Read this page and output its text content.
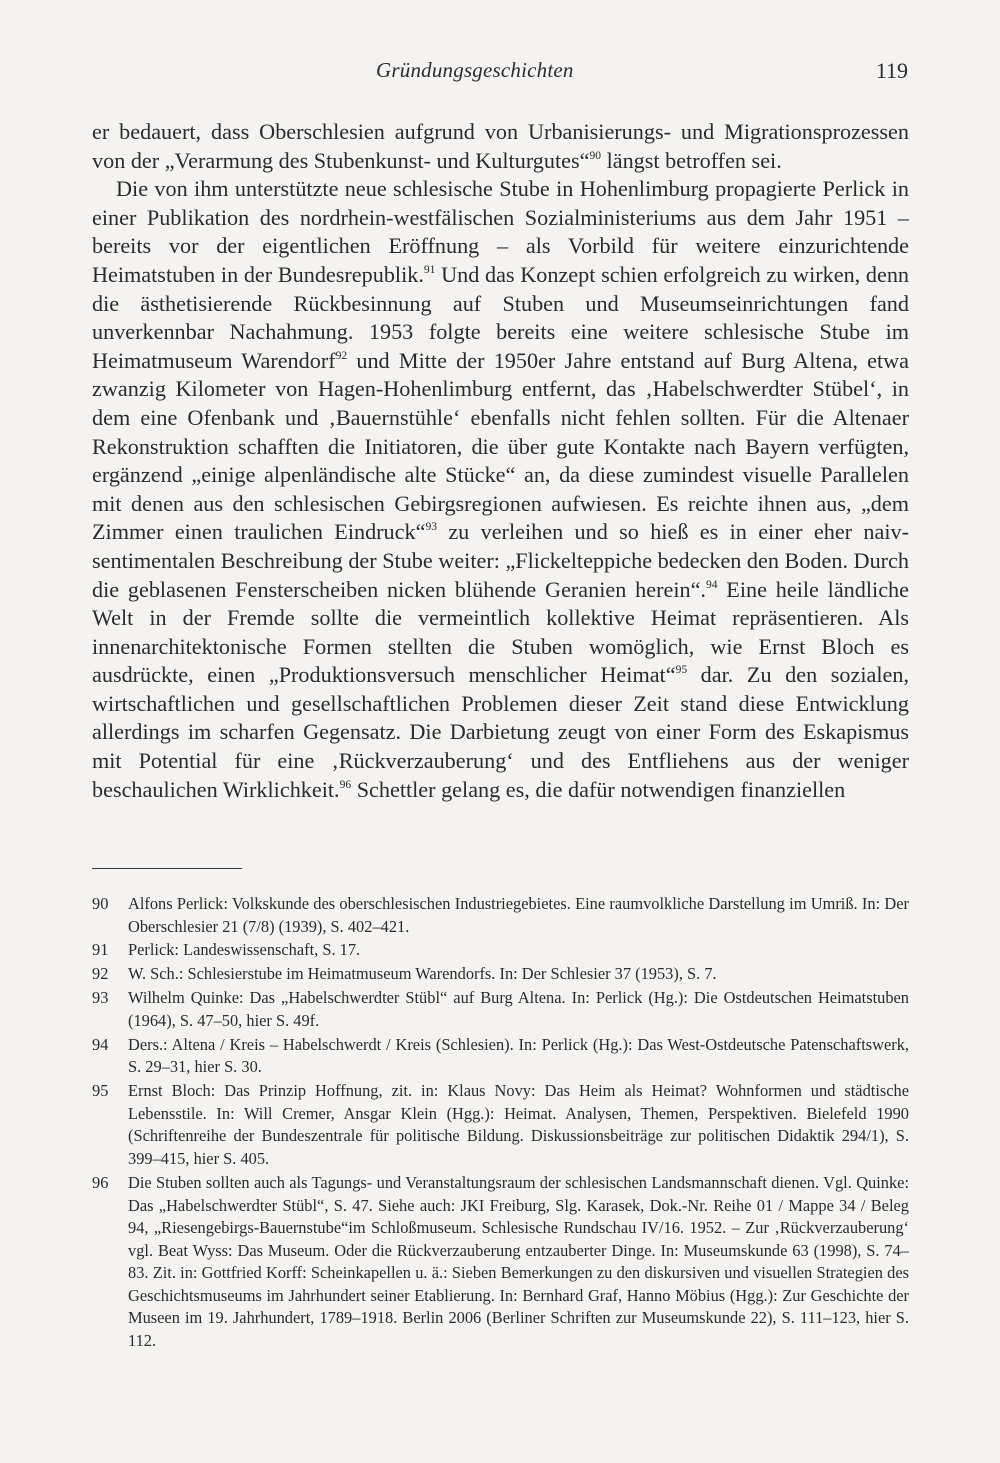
Gründungsgeschichten	119

er bedauert, dass Oberschlesien aufgrund von Urbanisierungs- und Migrationsprozessen von der „Verarmung des Stubenkunst- und Kulturgutes“$^{90}$ längst betroffen sei.

Die von ihm unterstützte neue schlesische Stube in Hohenlimburg propagierte Perlick in einer Publikation des nordrhein-westfälischen Sozialministeriums aus dem Jahr 1951 – bereits vor der eigentlichen Eröffnung – als Vorbild für weitere einzurichtende Heimatstuben in der Bundesrepublik.$^{91}$ Und das Konzept schien erfolgreich zu wirken, denn die ästhetisierende Rückbesinnung auf Stuben und Museumseinrichtungen fand unverkennbar Nachahmung. 1953 folgte bereits eine weitere schlesische Stube im Heimatmuseum Warendorf$^{92}$ und Mitte der 1950er Jahre entstand auf Burg Altena, etwa zwanzig Kilometer von Hagen-Hohenlimburg entfernt, das ‚Habelschwerdter Stübel‘, in dem eine Ofenbank und ‚Bauernstühle‘ ebenfalls nicht fehlen sollten. Für die Altenaer Rekonstruktion schafften die Initiatoren, die über gute Kontakte nach Bayern verfügten, ergänzend „einige alpenländische alte Stücke“ an, da diese zumindest visuelle Parallelen mit denen aus den schlesischen Gebirgsregionen aufwiesen. Es reichte ihnen aus, „dem Zimmer einen traulichen Eindruck“$^{93}$ zu verleihen und so hieß es in einer eher naiv-sentimentalen Beschreibung der Stube weiter: „Flickelteppiche bedecken den Boden. Durch die geblasenen Fensterscheiben nicken blühende Geranien herein“.$^{94}$ Eine heile ländliche Welt in der Fremde sollte die vermeintlich kollektive Heimat repräsentieren. Als innenarchitektonische Formen stellten die Stuben womöglich, wie Ernst Bloch es ausdrückte, einen „Produktionsversuch menschlicher Heimat“$^{95}$ dar. Zu den sozialen, wirtschaftlichen und gesellschaftlichen Problemen dieser Zeit stand diese Entwicklung allerdings im scharfen Gegensatz. Die Darbietung zeugt von einer Form des Eskapismus mit Potential für eine ‚Rückverzauberung‘ und des Entfliehens aus der weniger beschaulichen Wirklichkeit.$^{96}$ Schettler gelang es, die dafür notwendigen finanziellen

90 Alfons Perlick: Volkskunde des oberschlesischen Industriegebietes. Eine raumvolkliche Darstellung im Umriß. In: Der Oberschlesier 21 (7/8) (1939), S. 402–421.
91 Perlick: Landeswissenschaft, S. 17.
92 W. Sch.: Schlesierstube im Heimatmuseum Warendorfs. In: Der Schlesier 37 (1953), S. 7.
93 Wilhelm Quinke: Das „Habelschwerdter Stübl“ auf Burg Altena. In: Perlick (Hg.): Die Ostdeutschen Heimatstuben (1964), S. 47–50, hier S. 49f.
94 Ders.: Altena / Kreis – Habelschwerdt / Kreis (Schlesien). In: Perlick (Hg.): Das West-Ostdeutsche Patenschaftswerk, S. 29–31, hier S. 30.
95 Ernst Bloch: Das Prinzip Hoffnung, zit. in: Klaus Novy: Das Heim als Heimat? Wohnformen und städtische Lebensstile. In: Will Cremer, Ansgar Klein (Hgg.): Heimat. Analysen, Themen, Perspektiven. Bielefeld 1990 (Schriftenreihe der Bundeszentrale für politische Bildung. Diskussionsbeiträge zur politischen Didaktik 294/1), S. 399–415, hier S. 405.
96 Die Stuben sollten auch als Tagungs- und Veranstaltungsraum der schlesischen Landsmannschaft dienen. Vgl. Quinke: Das „Habelschwerdter Stübl“, S. 47. Siehe auch: JKI Freiburg, Slg. Karasek, Dok.-Nr. Reihe 01 / Mappe 34 / Beleg 94, „Riesengebirgs-Bauernstube“im Schloßmuseum. Schlesische Rundschau IV/16. 1952. – Zur ‚Rückverzauberung‘ vgl. Beat Wyss: Das Museum. Oder die Rückverzauberung entzauberter Dinge. In: Museumskunde 63 (1998), S. 74–83. Zit. in: Gottfried Korff: Scheinkapellen u. ä.: Sieben Bemerkungen zu den diskursiven und visuellen Strategien des Geschichtsmuseums im Jahrhundert seiner Etablierung. In: Bernhard Graf, Hanno Möbius (Hgg.): Zur Geschichte der Museen im 19. Jahrhundert, 1789–1918. Berlin 2006 (Berliner Schriften zur Museumskunde 22), S. 111–123, hier S. 112.
